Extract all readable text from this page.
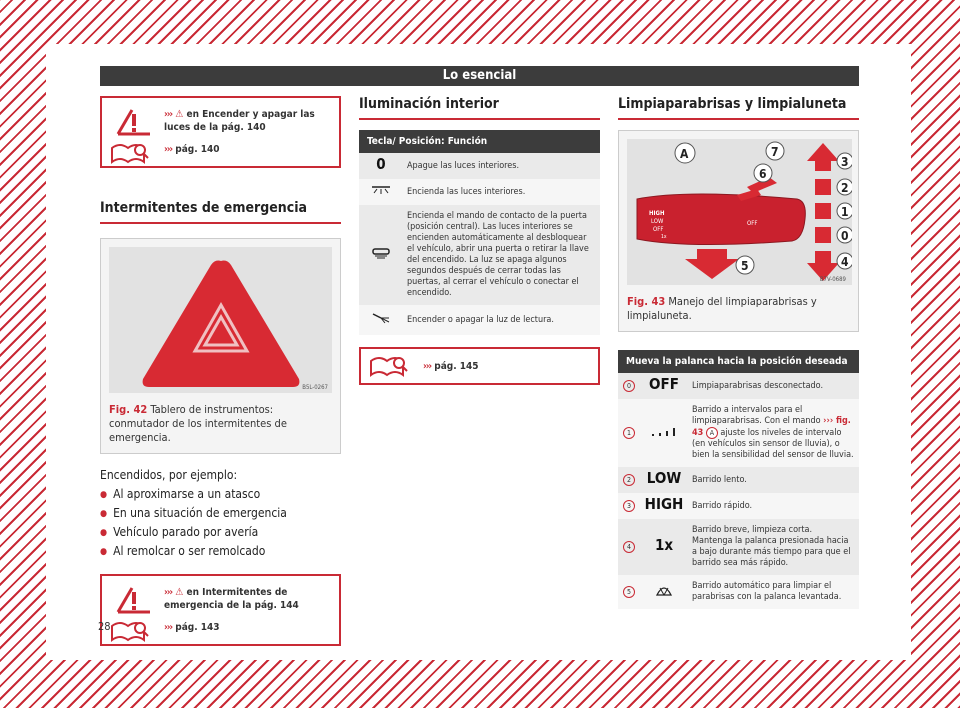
Lo esencial
››› ⚠ en Encender y apagar las luces de la pág. 140
››› pág. 140
Intermitentes de emergencia
B5L-0267
Fig. 42 Tablero de instrumentos: conmutador de los intermitentes de emergencia.
Encendidos, por ejemplo:
● Al aproximarse a un atasco
● En una situación de emergencia
● Vehículo parado por avería
● Al remolcar o ser remolcado
››› ⚠ en Intermitentes de emergencia de la pág. 144
››› pág. 143
Iluminación interior
Tecla/ Posición: Función	
0	Apague las luces interiores.
	Encienda las luces interiores.
	Encienda el mando de contacto de la puerta (posición central). Las luces interiores se encienden automáticamente al desbloquear el vehículo, abrir una puerta o retirar la llave del encendido. La luz se apaga algunos segundos después de cerrar todas las puertas, al cerrar el vehículo o conectar el encendido.
	Encender o apagar la luz de lectura.
››› pág. 145
Limpiaparabrisas y limpialuneta
HIGH
LOW
OFF
1x
OFF
A	7
6
3
2
1
0
5	4
B7V-0689
Fig. 43 Manejo del limpiaparabrisas y limpialuneta.
Mueva la palanca hacia la posición deseada		
0	OFF	Limpiaparabrisas desconectado.
1		Barrido a intervalos para el limpiaparabrisas. Con el mando ››› fig. 43 A ajuste los niveles de intervalo (en vehículos sin sensor de lluvia), o bien la sensibilidad del sensor de lluvia.
2	LOW	Barrido lento.
3	HIGH	Barrido rápido.
4	1x	Barrido breve, limpieza corta. Mantenga la palanca presionada hacia a bajo durante más tiempo para que el barrido sea más rápido.
5		Barrido automático para limpiar el parabrisas con la palanca levantada.
28
